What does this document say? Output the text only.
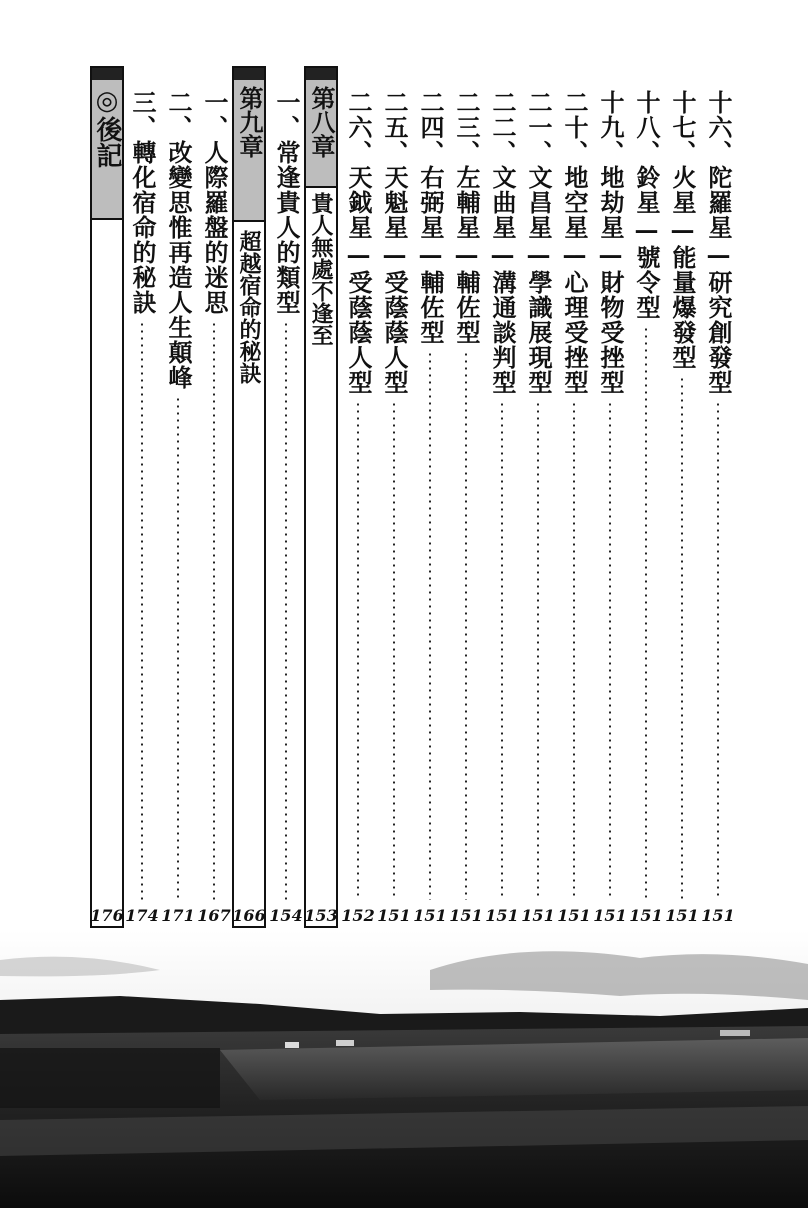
十六、陀羅星—研究創發型
十七、火星—能量爆發型
十八、鈴星—號令型
十九、地劫星—財物受挫型
二十、地空星—心理受挫型
二一、文昌星—學識展現型
二二、文曲星—溝通談判型
二三、左輔星—輔佐型
二四、右弼星—輔佐型
二五、天魁星—受蔭蔭人型
二六、天鉞星—受蔭蔭人型
151
151
151
151
151
151
151
151
151
151
152
第八章
貴人無處不逢至
153
一、常逢貴人的類型
154
第九章
超越宿命的秘訣
166
一、人際羅盤的迷思
二、改變思惟再造人生顛峰
三、轉化宿命的秘訣
167
171
174
◎後記
176
